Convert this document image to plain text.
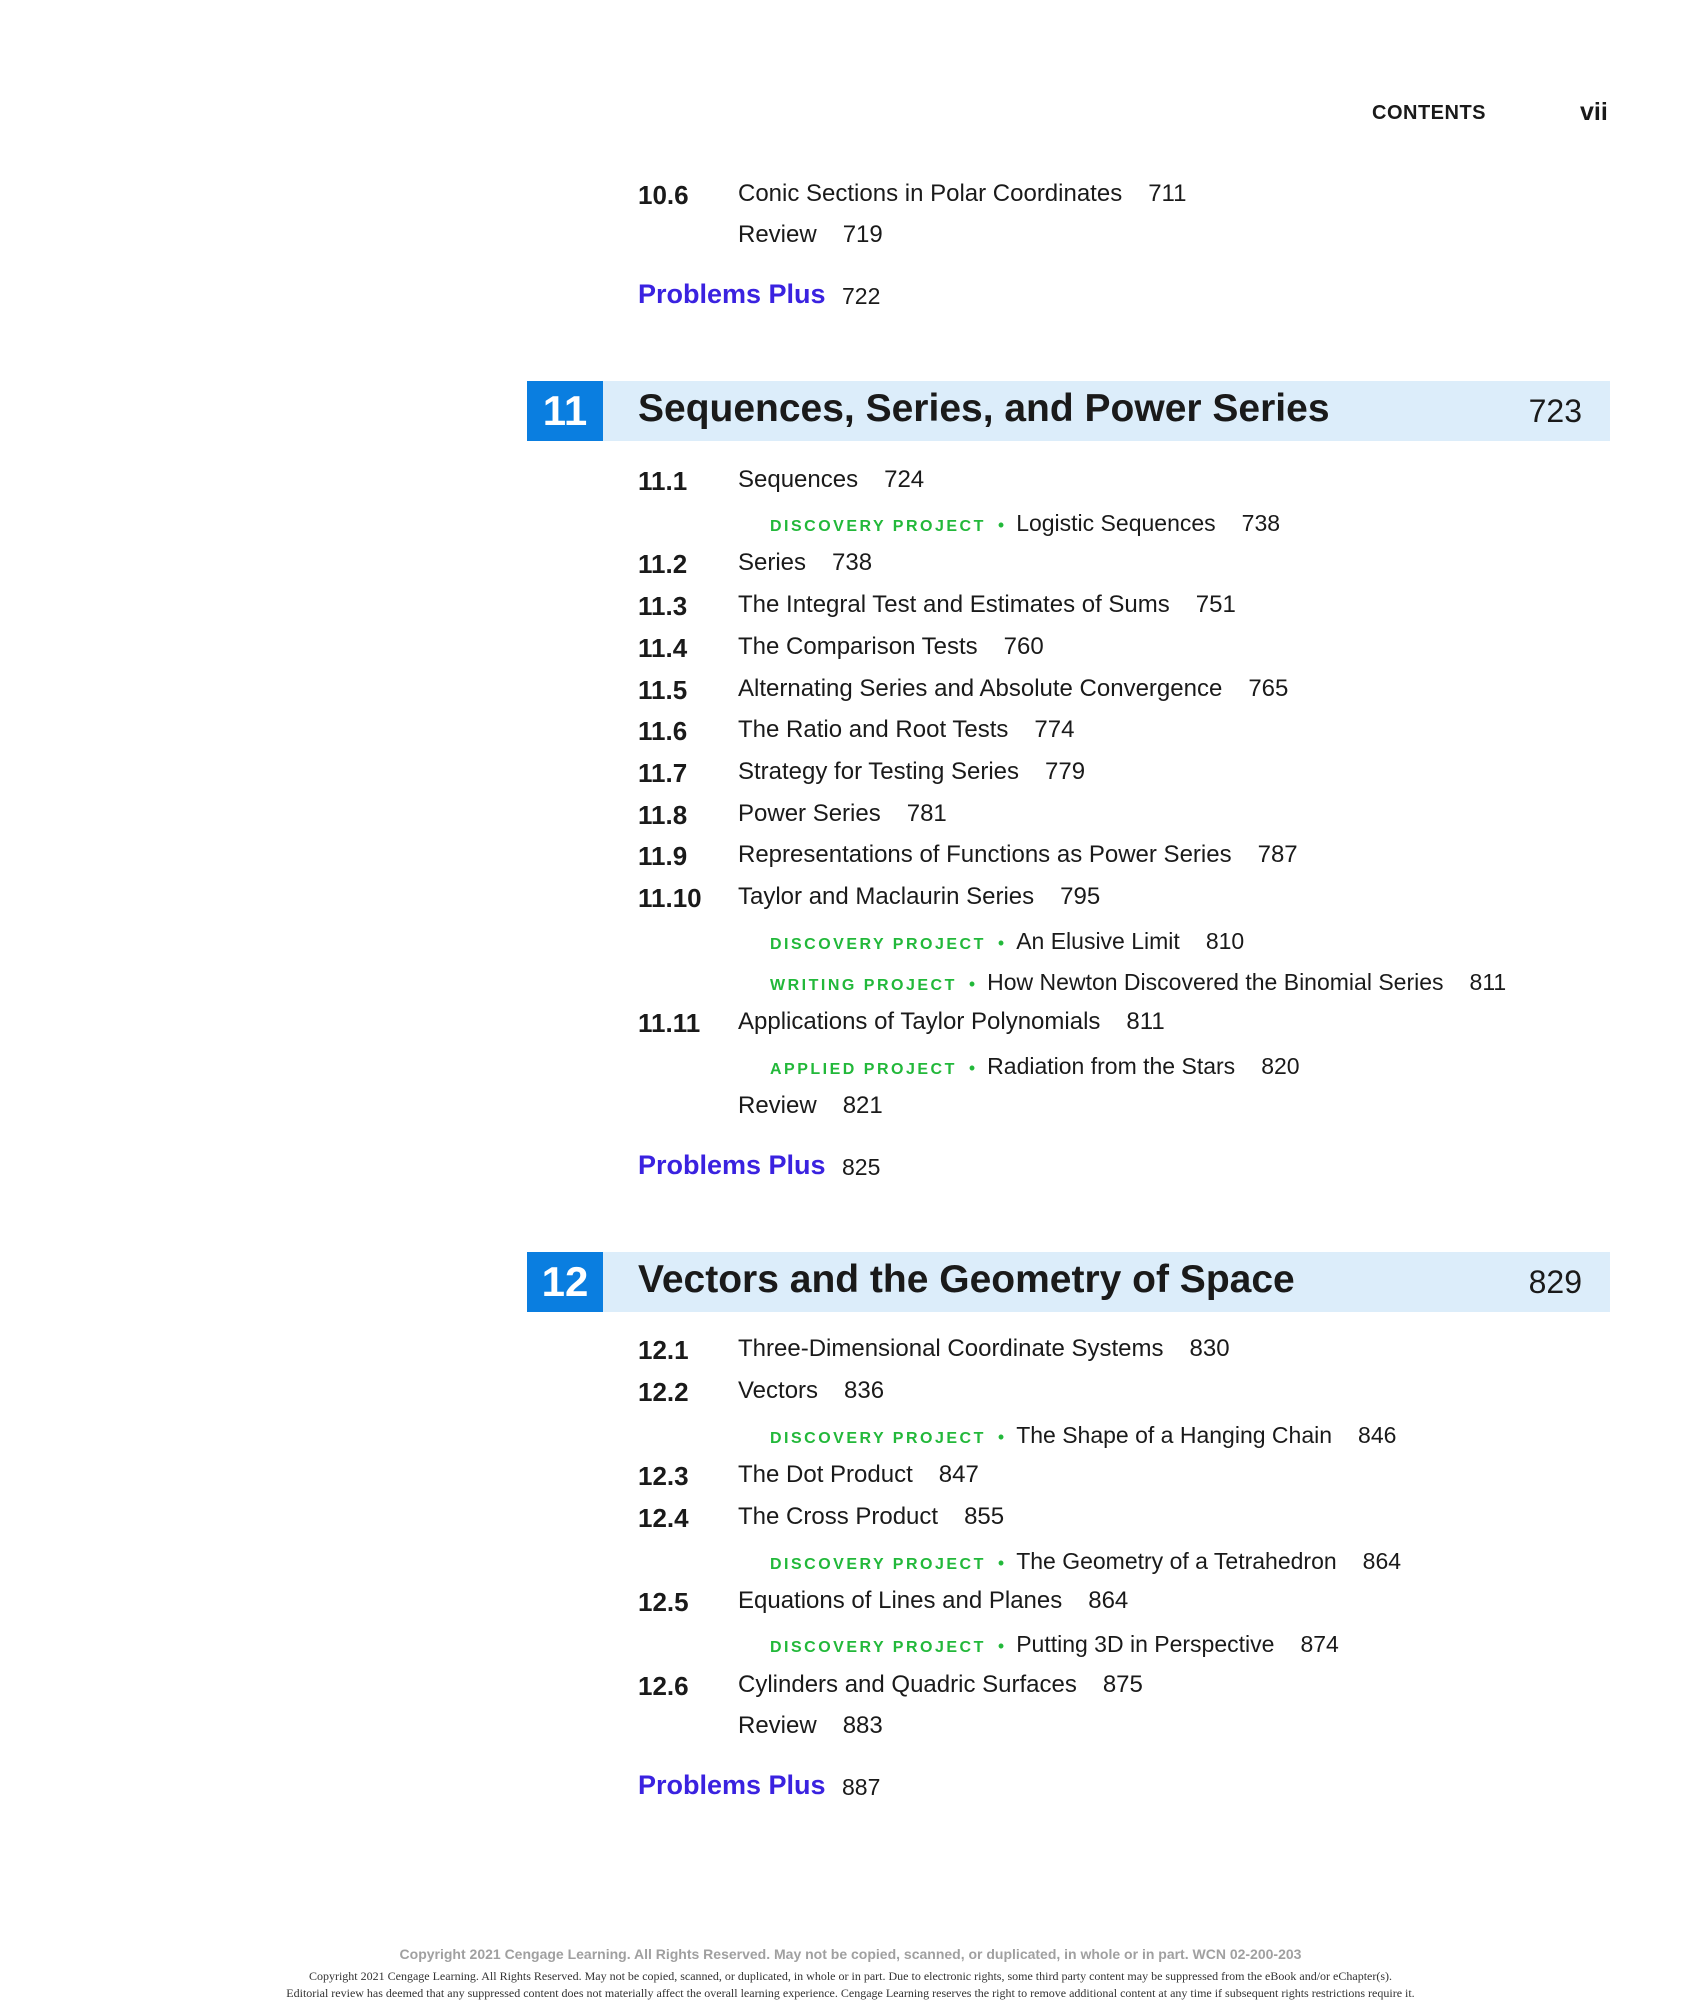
CONTENTS	vii
10.6 Conic Sections in Polar Coordinates 711
Review 719
Problems Plus 722
11	Sequences, Series, and Power Series	723
11.1 Sequences 724
DISCOVERY PROJECT • Logistic Sequences 738
11.2 Series 738
11.3 The Integral Test and Estimates of Sums 751
11.4 The Comparison Tests 760
11.5 Alternating Series and Absolute Convergence 765
11.6 The Ratio and Root Tests 774
11.7 Strategy for Testing Series 779
11.8 Power Series 781
11.9 Representations of Functions as Power Series 787
11.10 Taylor and Maclaurin Series 795
DISCOVERY PROJECT • An Elusive Limit 810
WRITING PROJECT • How Newton Discovered the Binomial Series 811
11.11 Applications of Taylor Polynomials 811
APPLIED PROJECT • Radiation from the Stars 820
Review 821
Problems Plus 825
12	Vectors and the Geometry of Space	829
12.1 Three-Dimensional Coordinate Systems 830
12.2 Vectors 836
DISCOVERY PROJECT • The Shape of a Hanging Chain 846
12.3 The Dot Product 847
12.4 The Cross Product 855
DISCOVERY PROJECT • The Geometry of a Tetrahedron 864
12.5 Equations of Lines and Planes 864
DISCOVERY PROJECT • Putting 3D in Perspective 874
12.6 Cylinders and Quadric Surfaces 875
Review 883
Problems Plus 887
Copyright 2021 Cengage Learning. All Rights Reserved. May not be copied, scanned, or duplicated, in whole or in part. WCN 02-200-203
Copyright 2021 Cengage Learning. All Rights Reserved. May not be copied, scanned, or duplicated, in whole or in part. Due to electronic rights, some third party content may be suppressed from the eBook and/or eChapter(s).
Editorial review has deemed that any suppressed content does not materially affect the overall learning experience. Cengage Learning reserves the right to remove additional content at any time if subsequent rights restrictions require it.
